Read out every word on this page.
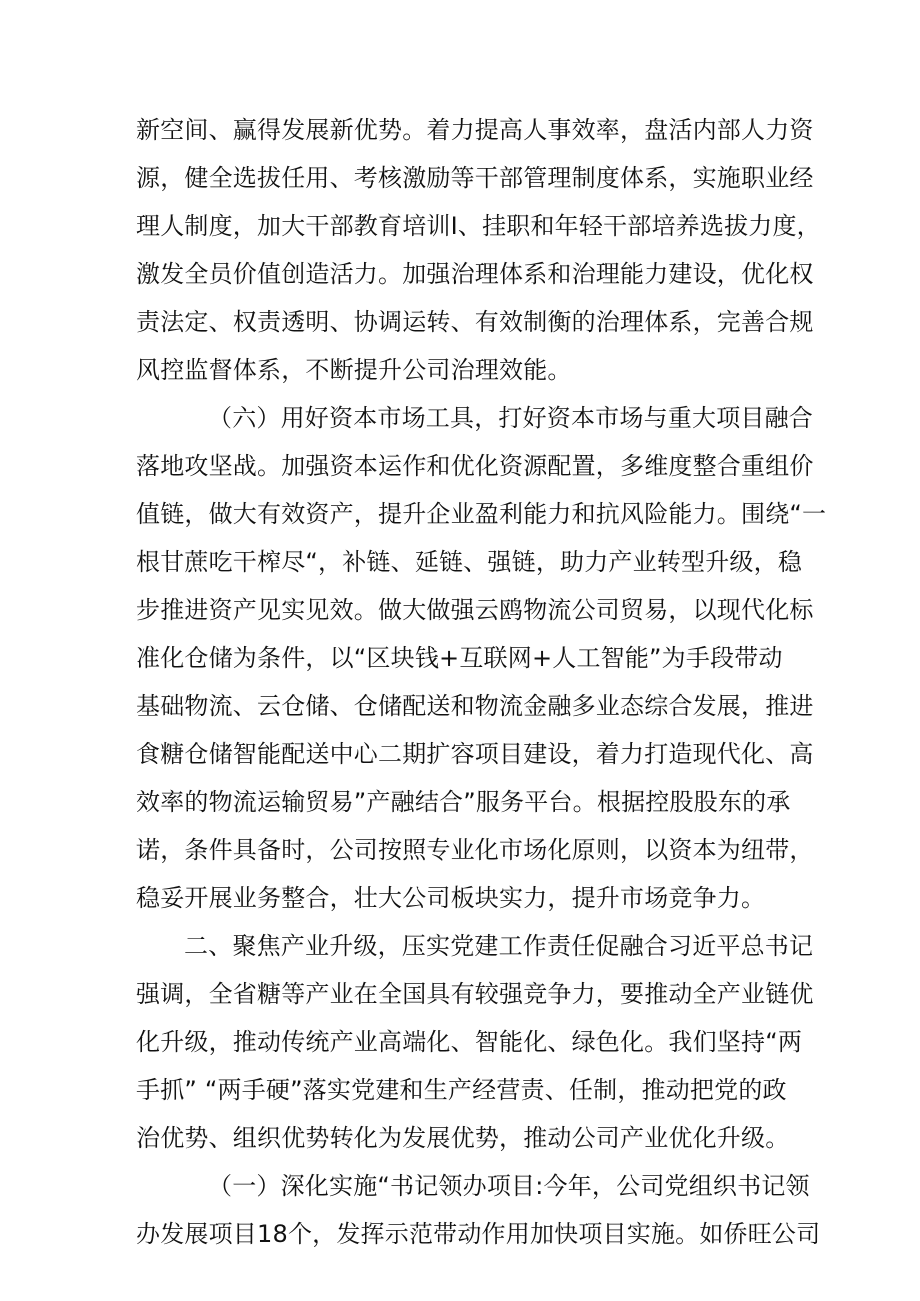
新空间、赢得发展新优势。着力提高人事效率，盘活内部人力资
源，健全选拔任用、考核激励等干部管理制度体系，实施职业经
理人制度，加大干部教育培训I、挂职和年轻干部培养选拔力度，
激发全员价值创造活力。加强治理体系和治理能力建设，优化权
责法定、权责透明、协调运转、有效制衡的治理体系，完善合规
风控监督体系，不断提升公司治理效能。
（六）用好资本市场工具，打好资本市场与重大项目融合
落地攻坚战。加强资本运作和优化资源配置，多维度整合重组价
值链，做大有效资产，提升企业盈利能力和抗风险能力。围绕“一
根甘蔗吃干榨尽“，补链、延链、强链，助力产业转型升级，稳
步推进资产见实见效。做大做强云鸥物流公司贸易，以现代化标
准化仓储为条件，以“区块钱+互联网+人工智能”为手段带动
基础物流、云仓储、仓储配送和物流金融多业态综合发展，推进
食糖仓储智能配送中心二期扩容项目建设，着力打造现代化、高
效率的物流运输贸易”产融结合”服务平台。根据控股股东的承
诺，条件具备时，公司按照专业化市场化原则，以资本为纽带，
稳妥开展业务整合，壮大公司板块实力，提升市场竞争力。
二、聚焦产业升级，压实党建工作责任促融合习近平总书记
强调，全省糖等产业在全国具有较强竞争力，要推动全产业链优
化升级，推动传统产业高端化、智能化、绿色化。我们坚持“两
手抓” “两手硬”落实党建和生产经营责、任制，推动把党的政
治优势、组织优势转化为发展优势，推动公司产业优化升级。
（一）深化实施“书记领办项目:今年，公司党组织书记领
办发展项目18个，发挥示范带动作用加快项目实施。如侨旺公司
